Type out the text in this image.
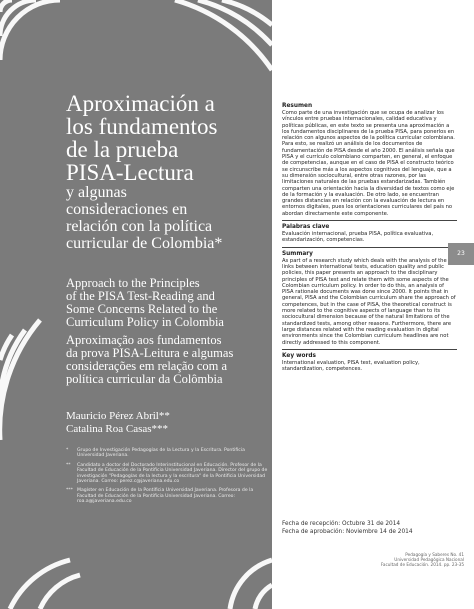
Aproximación a
los fundamentos
de la prueba
PISA-Lectura
y algunas
consideraciones en
relación con la política
curricular de Colombia*
Approach to the Principles
of the PISA Test-Reading and
Some Concerns Related to the
Curriculum Policy in Colombia
Aproximação aos fundamentos
da prova PISA-Leitura e algumas
considerações em relação com a
política curricular da Colômbia
Mauricio Pérez Abril**
Catalina Roa Casas***
* Grupo de Investigación Pedagogías de la Lectura y la Escritura. Pontificia Universidad Javeriana.
** Candidato a doctor del Doctorado Interinstitucional en Educación. Profesor de la Facultad de Educación de la Pontificia Universidad Javeriana. Director del grupo de investigación "Pedagogías de la lectura y la escritura" de la Pontificia Universidad Javeriana. Correo: perez.c@javeriana.edu.co
*** Magíster en Educación de la Pontificia Universidad Javeriana. Profesora de la Facultad de Educación de la Pontificia Universidad Javeriana. Correo: roa.a@javeriana.edu.co
Resumen

Como parte de una investigación que se ocupa de analizar los vínculos entre pruebas internacionales, calidad educativa y políticas públicas, en este texto se presenta una aproximación a los fundamentos disciplinares de la prueba PISA, para ponerlos en relación con algunos aspectos de la política curricular colombiana. Para esto, se realizó un análisis de los documentos de fundamentación de PISA desde el año 2000. El análisis señala que PISA y el currículo colombiano comparten, en general, el enfoque de competencias, aunque en el caso de PISA el constructo teórico se circunscribe más a los aspectos cognitivos del lenguaje, que a su dimensión sociocultural, entre otras razones, por las limitaciones naturales de las pruebas estandarizadas. También comparten una orientación hacia la diversidad de textos como eje de la formación y la evaluación. De otro lado, se encuentran grandes distancias en relación con la evaluación de lectura en entornos digitales, pues los orientaciones curriculares del país no abordan directamente este componente.

Palabras clave

Evaluación internacional, prueba PISA, política evaluativa, estandarización, competencias.

Summary

As part of a research study which deals with the analysis of the links between international tests, education quality and public policies, this paper presents an approach to the disciplinary principles of PISA test and relate them with some aspects of the Colombian curriculum policy. In order to do this, an analysis of PISA rationale documents was done since 2000. It points that in general, PISA and the Colombian curriculum share the approach of competences, but in the case of PISA, the theoretical construct is more related to the cognitive aspects of language than to its sociocultural dimension because of the natural limitations of the standardized tests, among other reasons. Furthermore, there are large distances related with the reading evaluation in digital environments since the Colombian curriculum headlines are not directly addressed to this component.

Key words

International evaluation, PISA test, evaluation policy, standardization, competences.

Fecha de recepción: Octubre 31 de 2014
Fecha de aprobación: Noviembre 14 de 2014
Pedagogía y Saberes No. 41
Universidad Pedagógica Nacional
Facultad de Educación. 2014. pp. 23-35
23
